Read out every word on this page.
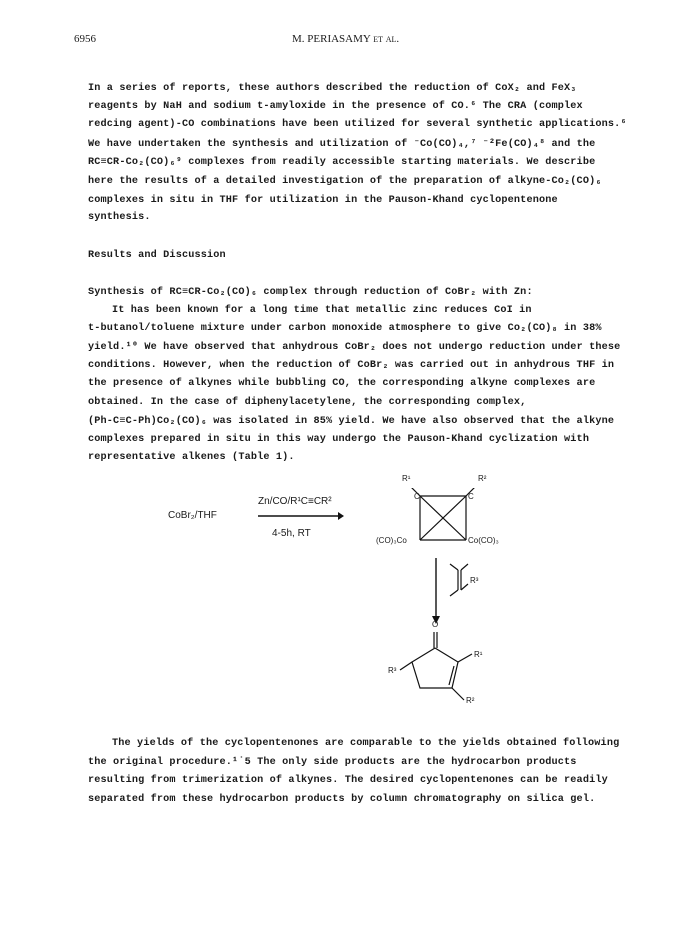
6956	M. PERIASAMY et al.
In a series of reports, these authors described the reduction of CoX₂ and FeX₃
reagents by NaH and sodium t-amyloxide in the presence of CO.⁶ The CRA (complex
redcing agent)-CO combinations have been utilized for several synthetic applications.⁶
We have undertaken the synthesis and utilization of ⁻Co(CO)₄,⁷ ⁻²Fe(CO)₄⁸ and the
RC≡CR-Co₂(CO)₆⁹ complexes from readily accessible starting materials. We describe
here the results of a detailed investigation of the preparation of alkyne-Co₂(CO)₆
complexes in situ in THF for utilization in the Pauson-Khand cyclopentenone
synthesis.
Results and Discussion
Synthesis of RC≡CR-Co₂(CO)₆ complex through reduction of CoBr₂ with Zn:
It has been known for a long time that metallic zinc reduces CoI in
t-butanol/toluene mixture under carbon monoxide atmosphere to give Co₂(CO)₈ in 38%
yield.¹⁰ We have observed that anhydrous CoBr₂ does not undergo reduction under these
conditions. However, when the reduction of CoBr₂ was carried out in anhydrous THF in
the presence of alkynes while bubbling CO, the corresponding alkyne complexes are
obtained. In the case of diphenylacetylene, the corresponding complex,
(Ph-C≡C-Ph)Co₂(CO)₆ was isolated in 85% yield. We have also observed that the alkyne
complexes prepared in situ in this way undergo the Pauson-Khand cyclization with
representative alkenes (Table 1).
CoBr₂/THF
Zn/CO/R¹C≡CR²
4-5h, RT
R¹	R²
C	C
(CO)₃Co	Co(CO)₃
R³
O
R¹
R²
R³
The yields of the cyclopentenones are comparable to the yields obtained following
the original procedure.¹˙5 The only side products are the hydrocarbon products
resulting from trimerization of alkynes. The desired cyclopentenones can be readily
separated from these hydrocarbon products by column chromatography on silica gel.
